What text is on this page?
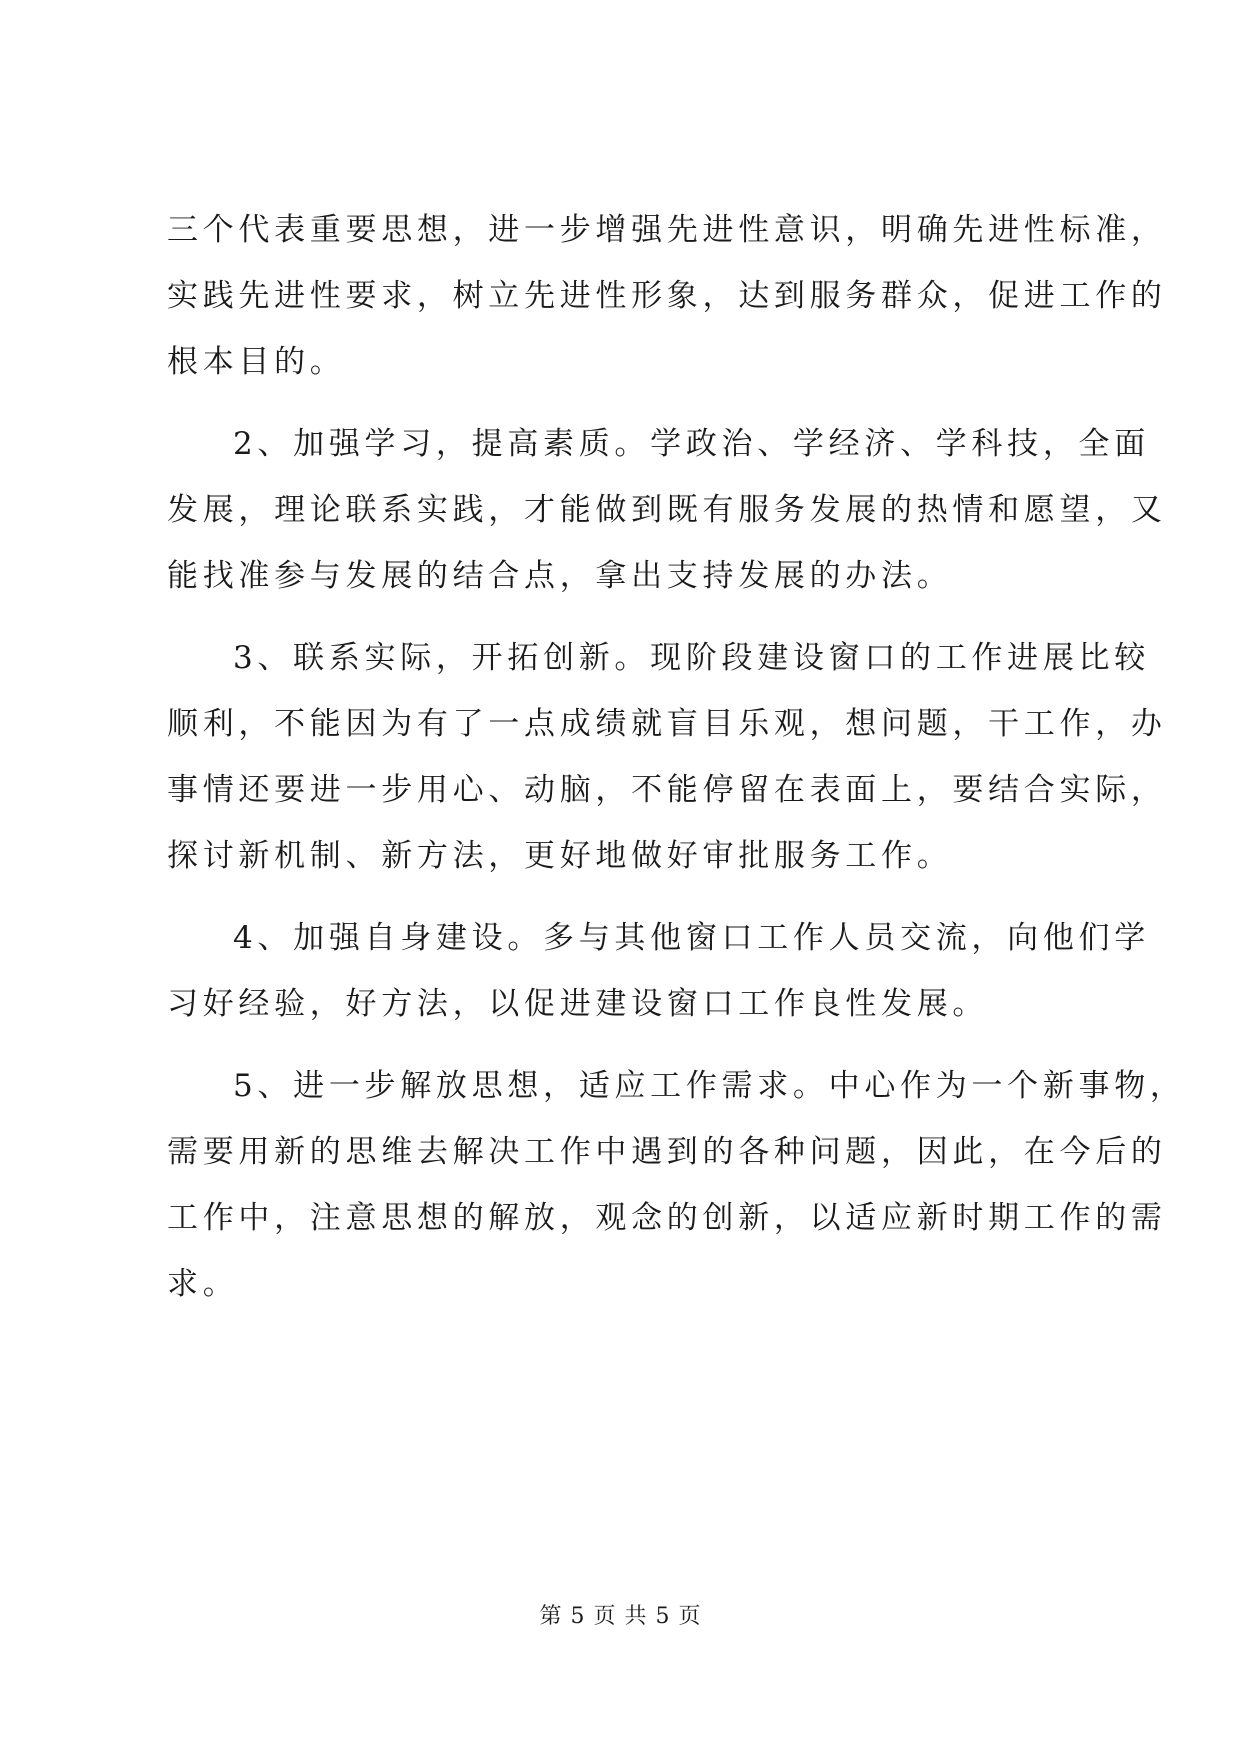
三个代表重要思想，进一步增强先进性意识，明确先进性标准，
实践先进性要求，树立先进性形象，达到服务群众，促进工作的
根本目的。
2、加强学习，提高素质。学政治、学经济、学科技，全面
发展，理论联系实践，才能做到既有服务发展的热情和愿望，又
能找准参与发展的结合点，拿出支持发展的办法。
3、联系实际，开拓创新。现阶段建设窗口的工作进展比较
顺利，不能因为有了一点成绩就盲目乐观，想问题，干工作，办
事情还要进一步用心、动脑，不能停留在表面上，要结合实际，
探讨新机制、新方法，更好地做好审批服务工作。
4、加强自身建设。多与其他窗口工作人员交流，向他们学
习好经验，好方法，以促进建设窗口工作良性发展。
5、进一步解放思想，适应工作需求。中心作为一个新事物，
需要用新的思维去解决工作中遇到的各种问题，因此，在今后的
工作中，注意思想的解放，观念的创新，以适应新时期工作的需
求。
第 5 页 共 5 页
